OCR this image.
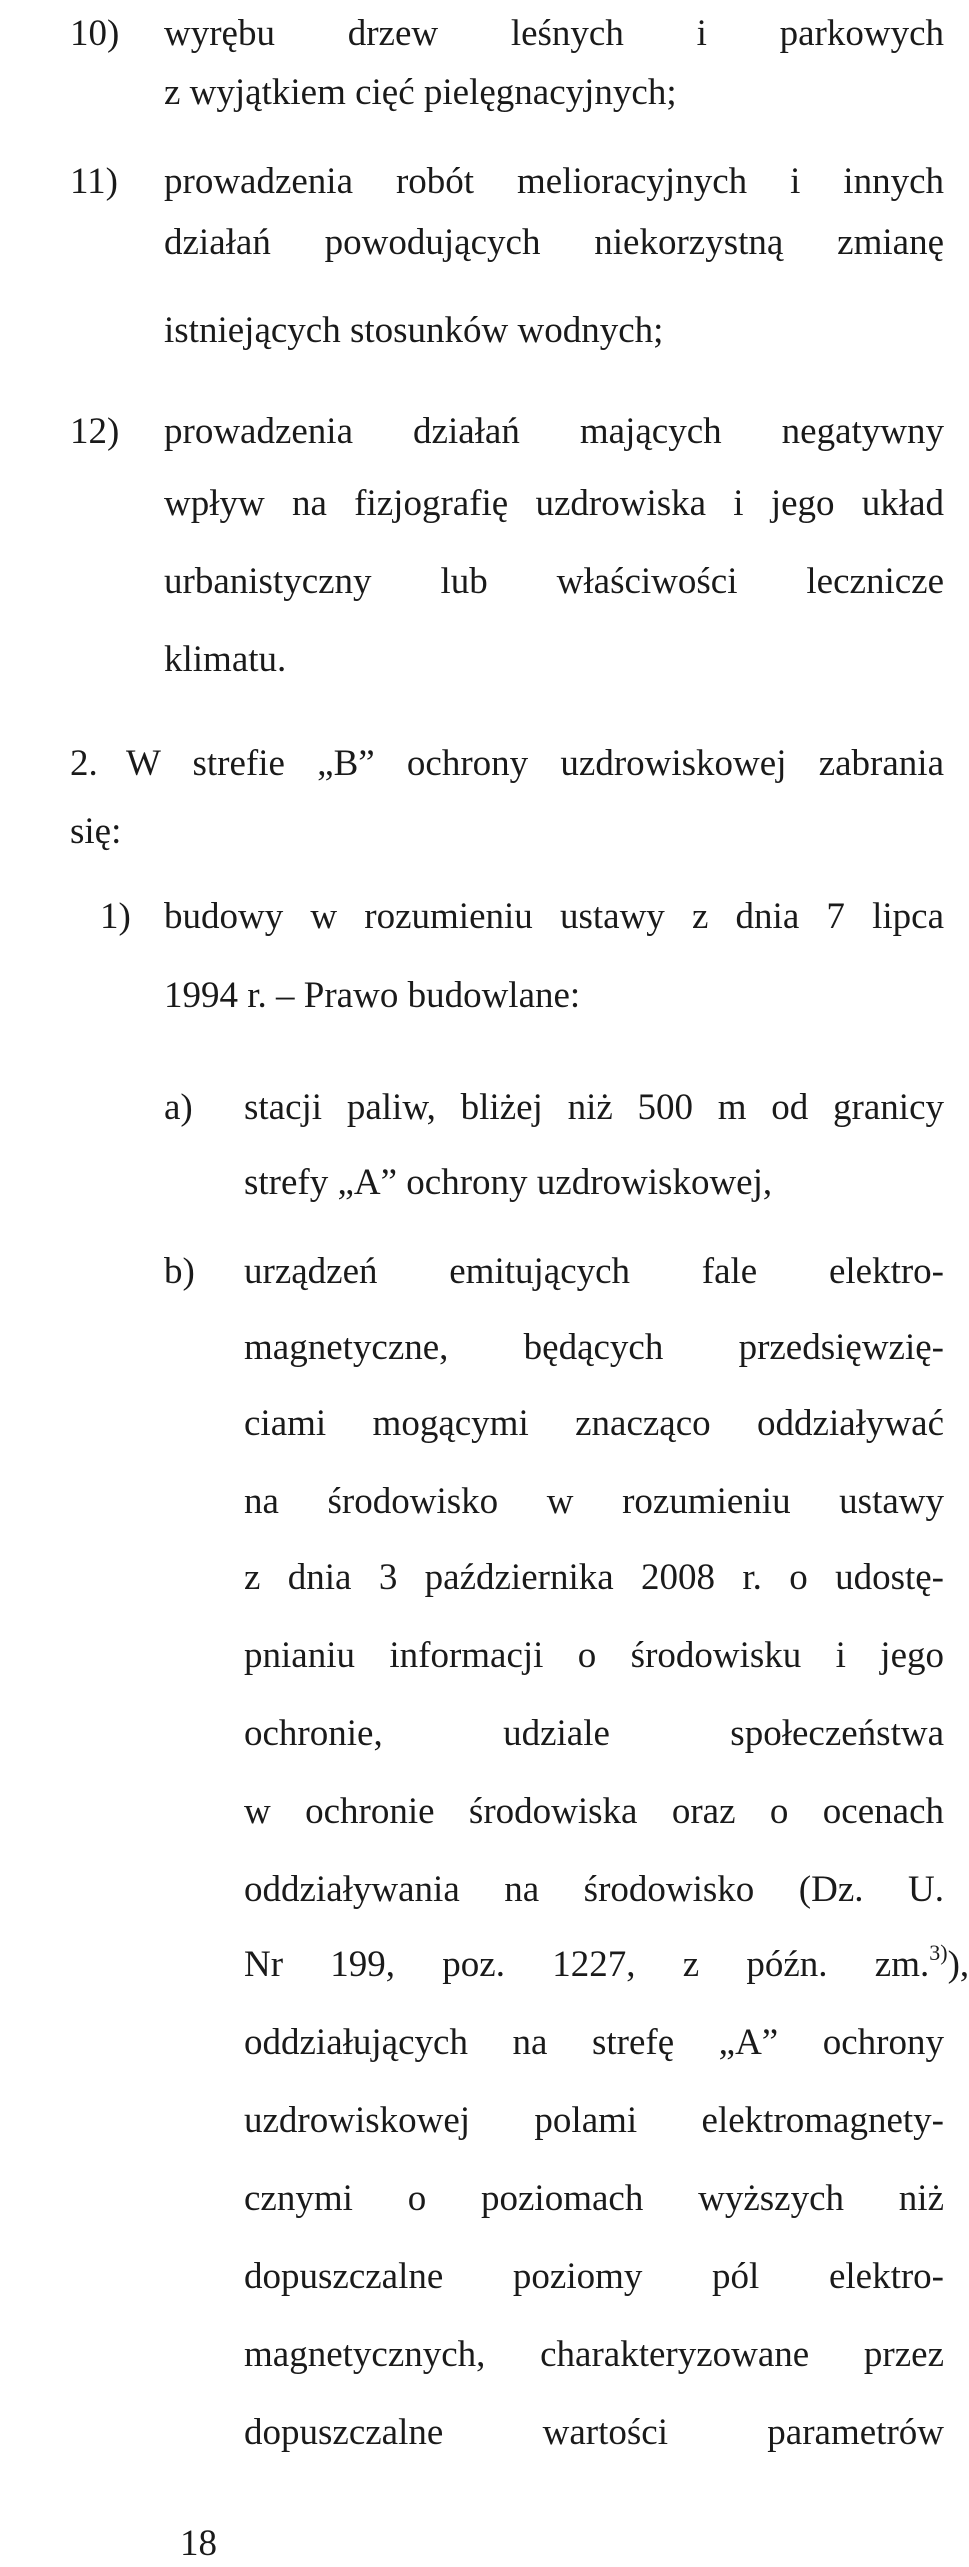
10) wyrębu drzew leśnych i parkowych
z wyjątkiem cięć pielęgnacyjnych;
11) prowadzenia robót melioracyjnych i innych
działań powodujących niekorzystną zmianę
istniejących stosunków wodnych;
12) prowadzenia działań mających negatywny
wpływ na fizjografię uzdrowiska i jego układ
urbanistyczny lub właściwości lecznicze
klimatu.
2. W strefie „B” ochrony uzdrowiskowej zabrania
się:
1) budowy w rozumieniu ustawy z dnia 7 lipca
1994 r. – Prawo budowlane:
a) stacji paliw, bliżej niż 500 m od granicy
strefy „A” ochrony uzdrowiskowej,
b) urządzeń emitujących fale elektro-
magnetyczne, będących przedsięwzię-
ciami mogącymi znacząco oddziaływać
na środowisko w rozumieniu ustawy
z dnia 3 października 2008 r. o udostę-
pnianiu informacji o środowisku i jego
ochronie, udziale społeczeństwa
w ochronie środowiska oraz o ocenach
oddziaływania na środowisko (Dz. U.
Nr 199, poz. 1227, z późn. zm. $^{3)}$),
oddziałujących na strefę „A” ochrony
uzdrowiskowej polami elektromagnety-
cznymi o poziomach wyższych niż
dopuszczalne poziomy pól elektro-
magnetycznych, charakteryzowane przez
dopuszczalne wartości parametrów
18
